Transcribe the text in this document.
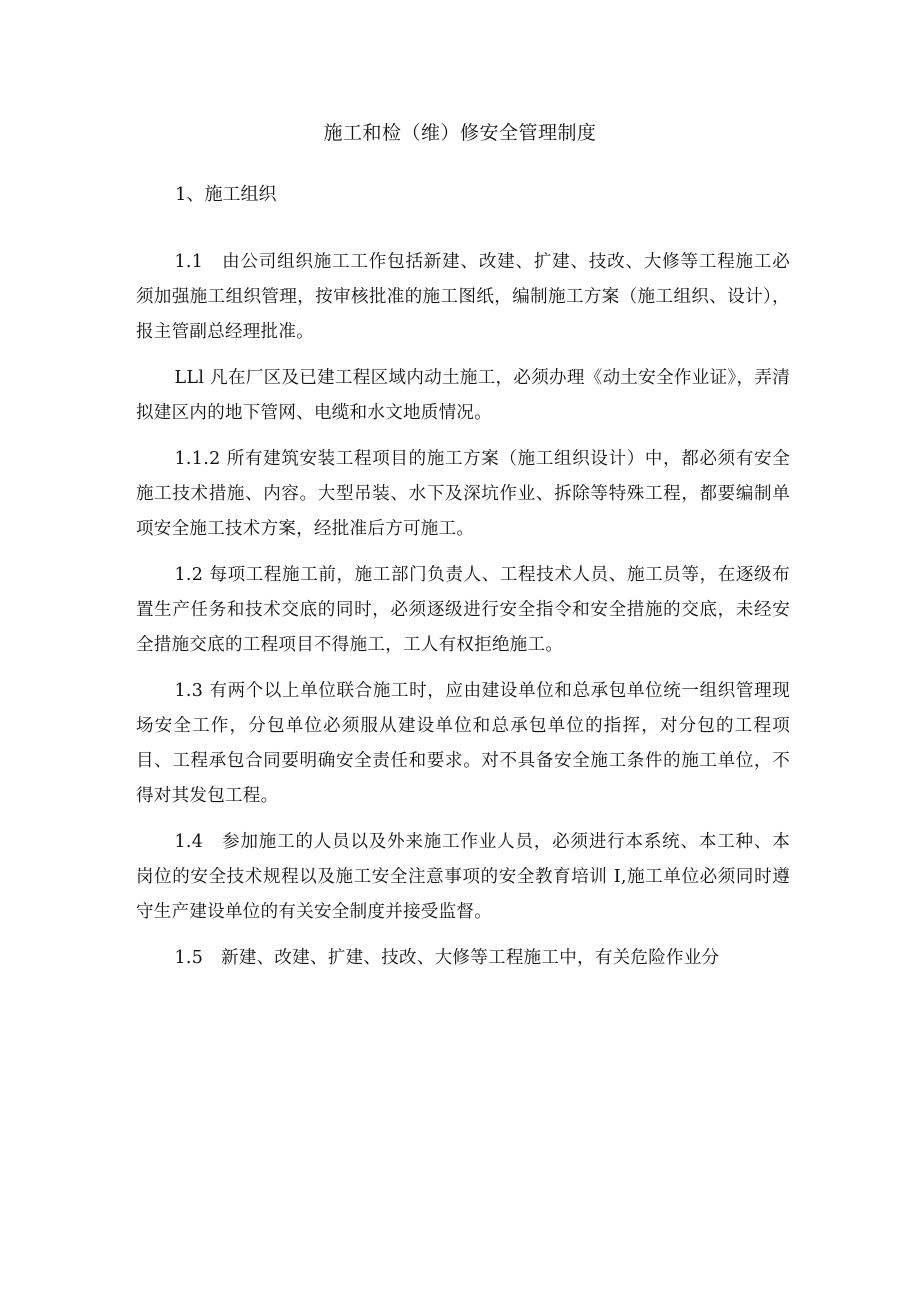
施工和检（维）修安全管理制度
1、施工组织

1.1　由公司组织施工工作包括新建、改建、扩建、技改、大修等工程施工必须加强施工组织管理，按审核批准的施工图纸，编制施工方案（施工组织、设计），报主管副总经理批准。

LLl 凡在厂区及已建工程区域内动土施工，必须办理《动土安全作业证》，弄清拟建区内的地下管网、电缆和水文地质情况。

1.1.2 所有建筑安装工程项目的施工方案（施工组织设计）中，都必须有安全施工技术措施、内容。大型吊装、水下及深坑作业、拆除等特殊工程，都要编制单项安全施工技术方案，经批准后方可施工。

1.2 每项工程施工前，施工部门负责人、工程技术人员、施工员等，在逐级布置生产任务和技术交底的同时，必须逐级进行安全指令和安全措施的交底，未经安全措施交底的工程项目不得施工，工人有权拒绝施工。

1.3 有两个以上单位联合施工时，应由建设单位和总承包单位统一组织管理现场安全工作，分包单位必须服从建设单位和总承包单位的指挥，对分包的工程项目、工程承包合同要明确安全责任和要求。对不具备安全施工条件的施工单位，不得对其发包工程。

1.4　参加施工的人员以及外来施工作业人员，必须进行本系统、本工种、本岗位的安全技术规程以及施工安全注意事项的安全教育培训 I,施工单位必须同时遵守生产建设单位的有关安全制度并接受监督。

1.5　新建、改建、扩建、技改、大修等工程施工中，有关危险作业分
